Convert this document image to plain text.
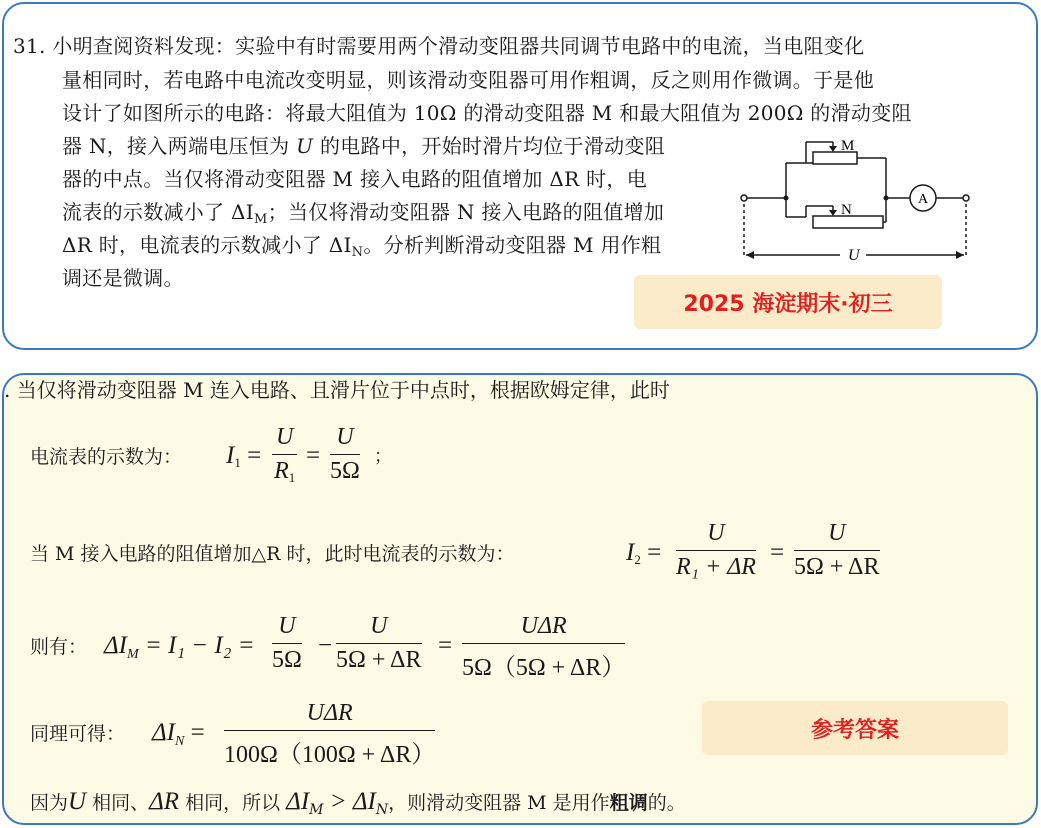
31. 小明查阅资料发现：实验中有时需要用两个滑动变阻器共同调节电路中的电流，当电阻变化
量相同时，若电路中电流改变明显，则该滑动变阻器可用作粗调，反之则用作微调。于是他
设计了如图所示的电路：将最大阻值为 10Ω 的滑动变阻器 M 和最大阻值为 200Ω 的滑动变阻
器 N，接入两端电压恒为 U 的电路中，开始时滑片均位于滑动变阻
器的中点。当仅将滑动变阻器 M 接入电路的阻值增加 ΔR 时，电
流表的示数减小了 $\Delta I_M$；当仅将滑动变阻器 N 接入电路的阻值增加
ΔR 时，电流表的示数减小了 $\Delta I_N$。分析判断滑动变阻器 M 用作粗
调还是微调。
M
N
A
U
2025 海淀期末·初三
. 当仅将滑动变阻器 M 连入电路、且滑片位于中点时，根据欧姆定律，此时
电流表的示数为： $I_1 = \frac{U}{R_1} = \frac{U}{5\Omega}$ ；
当 M 接入电路的阻值增加△R 时，此时电流表的示数为：	$I_2 = \frac{U}{\text{R₁ + ΔR}} = \frac{U}{5\Omega + \Delta R}$
则有： $\Delta I_M = I_1 - I_2 = \frac{U}{5\Omega} - \frac{U}{5\Omega + \Delta R}$ =
UΔR
5Ω（5Ω + ΔR）
同理可得： $\Delta I_N$ =
UΔR
100Ω（100Ω + ΔR）
参考答案
因为U 相同、ΔR 相同，所以 $\Delta I_M > \Delta I_N$，则滑动变阻器 M 是用作粗调的。
